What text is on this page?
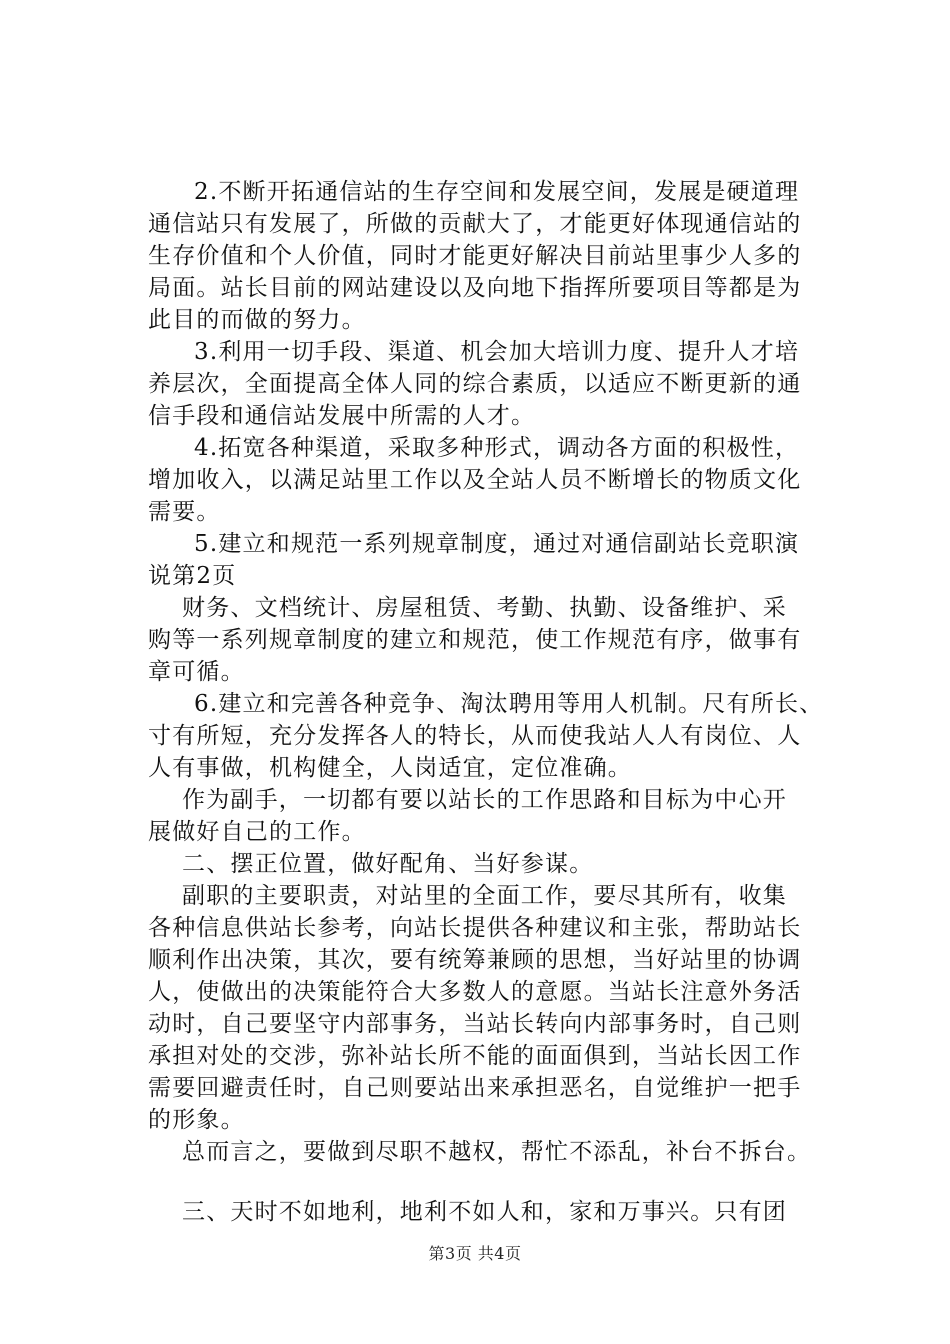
2.不断开拓通信站的生存空间和发展空间，发展是硬道理
通信站只有发展了，所做的贡献大了，才能更好体现通信站的
生存价值和个人价值，同时才能更好解决目前站里事少人多的
局面。站长目前的网站建设以及向地下指挥所要项目等都是为
此目的而做的努力。
3.利用一切手段、渠道、机会加大培训力度、提升人才培
养层次，全面提高全体人同的综合素质，以适应不断更新的通
信手段和通信站发展中所需的人才。
4.拓宽各种渠道，采取多种形式，调动各方面的积极性，
增加收入，以满足站里工作以及全站人员不断增长的物质文化
需要。
5.建立和规范一系列规章制度，通过对通信副站长竞职演
说第2页
财务、文档统计、房屋租赁、考勤、执勤、设备维护、采
购等一系列规章制度的建立和规范，使工作规范有序，做事有
章可循。
6.建立和完善各种竞争、淘汰聘用等用人机制。尺有所长、
寸有所短，充分发挥各人的特长，从而使我站人人有岗位、人
人有事做，机构健全，人岗适宜，定位准确。
作为副手，一切都有要以站长的工作思路和目标为中心开
展做好自己的工作。
二、摆正位置，做好配角、当好参谋。
副职的主要职责，对站里的全面工作，要尽其所有，收集
各种信息供站长参考，向站长提供各种建议和主张，帮助站长
顺利作出决策，其次，要有统筹兼顾的思想，当好站里的协调
人，使做出的决策能符合大多数人的意愿。当站长注意外务活
动时，自己要坚守内部事务，当站长转向内部事务时，自己则
承担对处的交涉，弥补站长所不能的面面俱到，当站长因工作
需要回避责任时，自己则要站出来承担恶名，自觉维护一把手
的形象。
总而言之，要做到尽职不越权，帮忙不添乱，补台不拆台。
三、天时不如地利，地利不如人和，家和万事兴。只有团
第3页 共4页
